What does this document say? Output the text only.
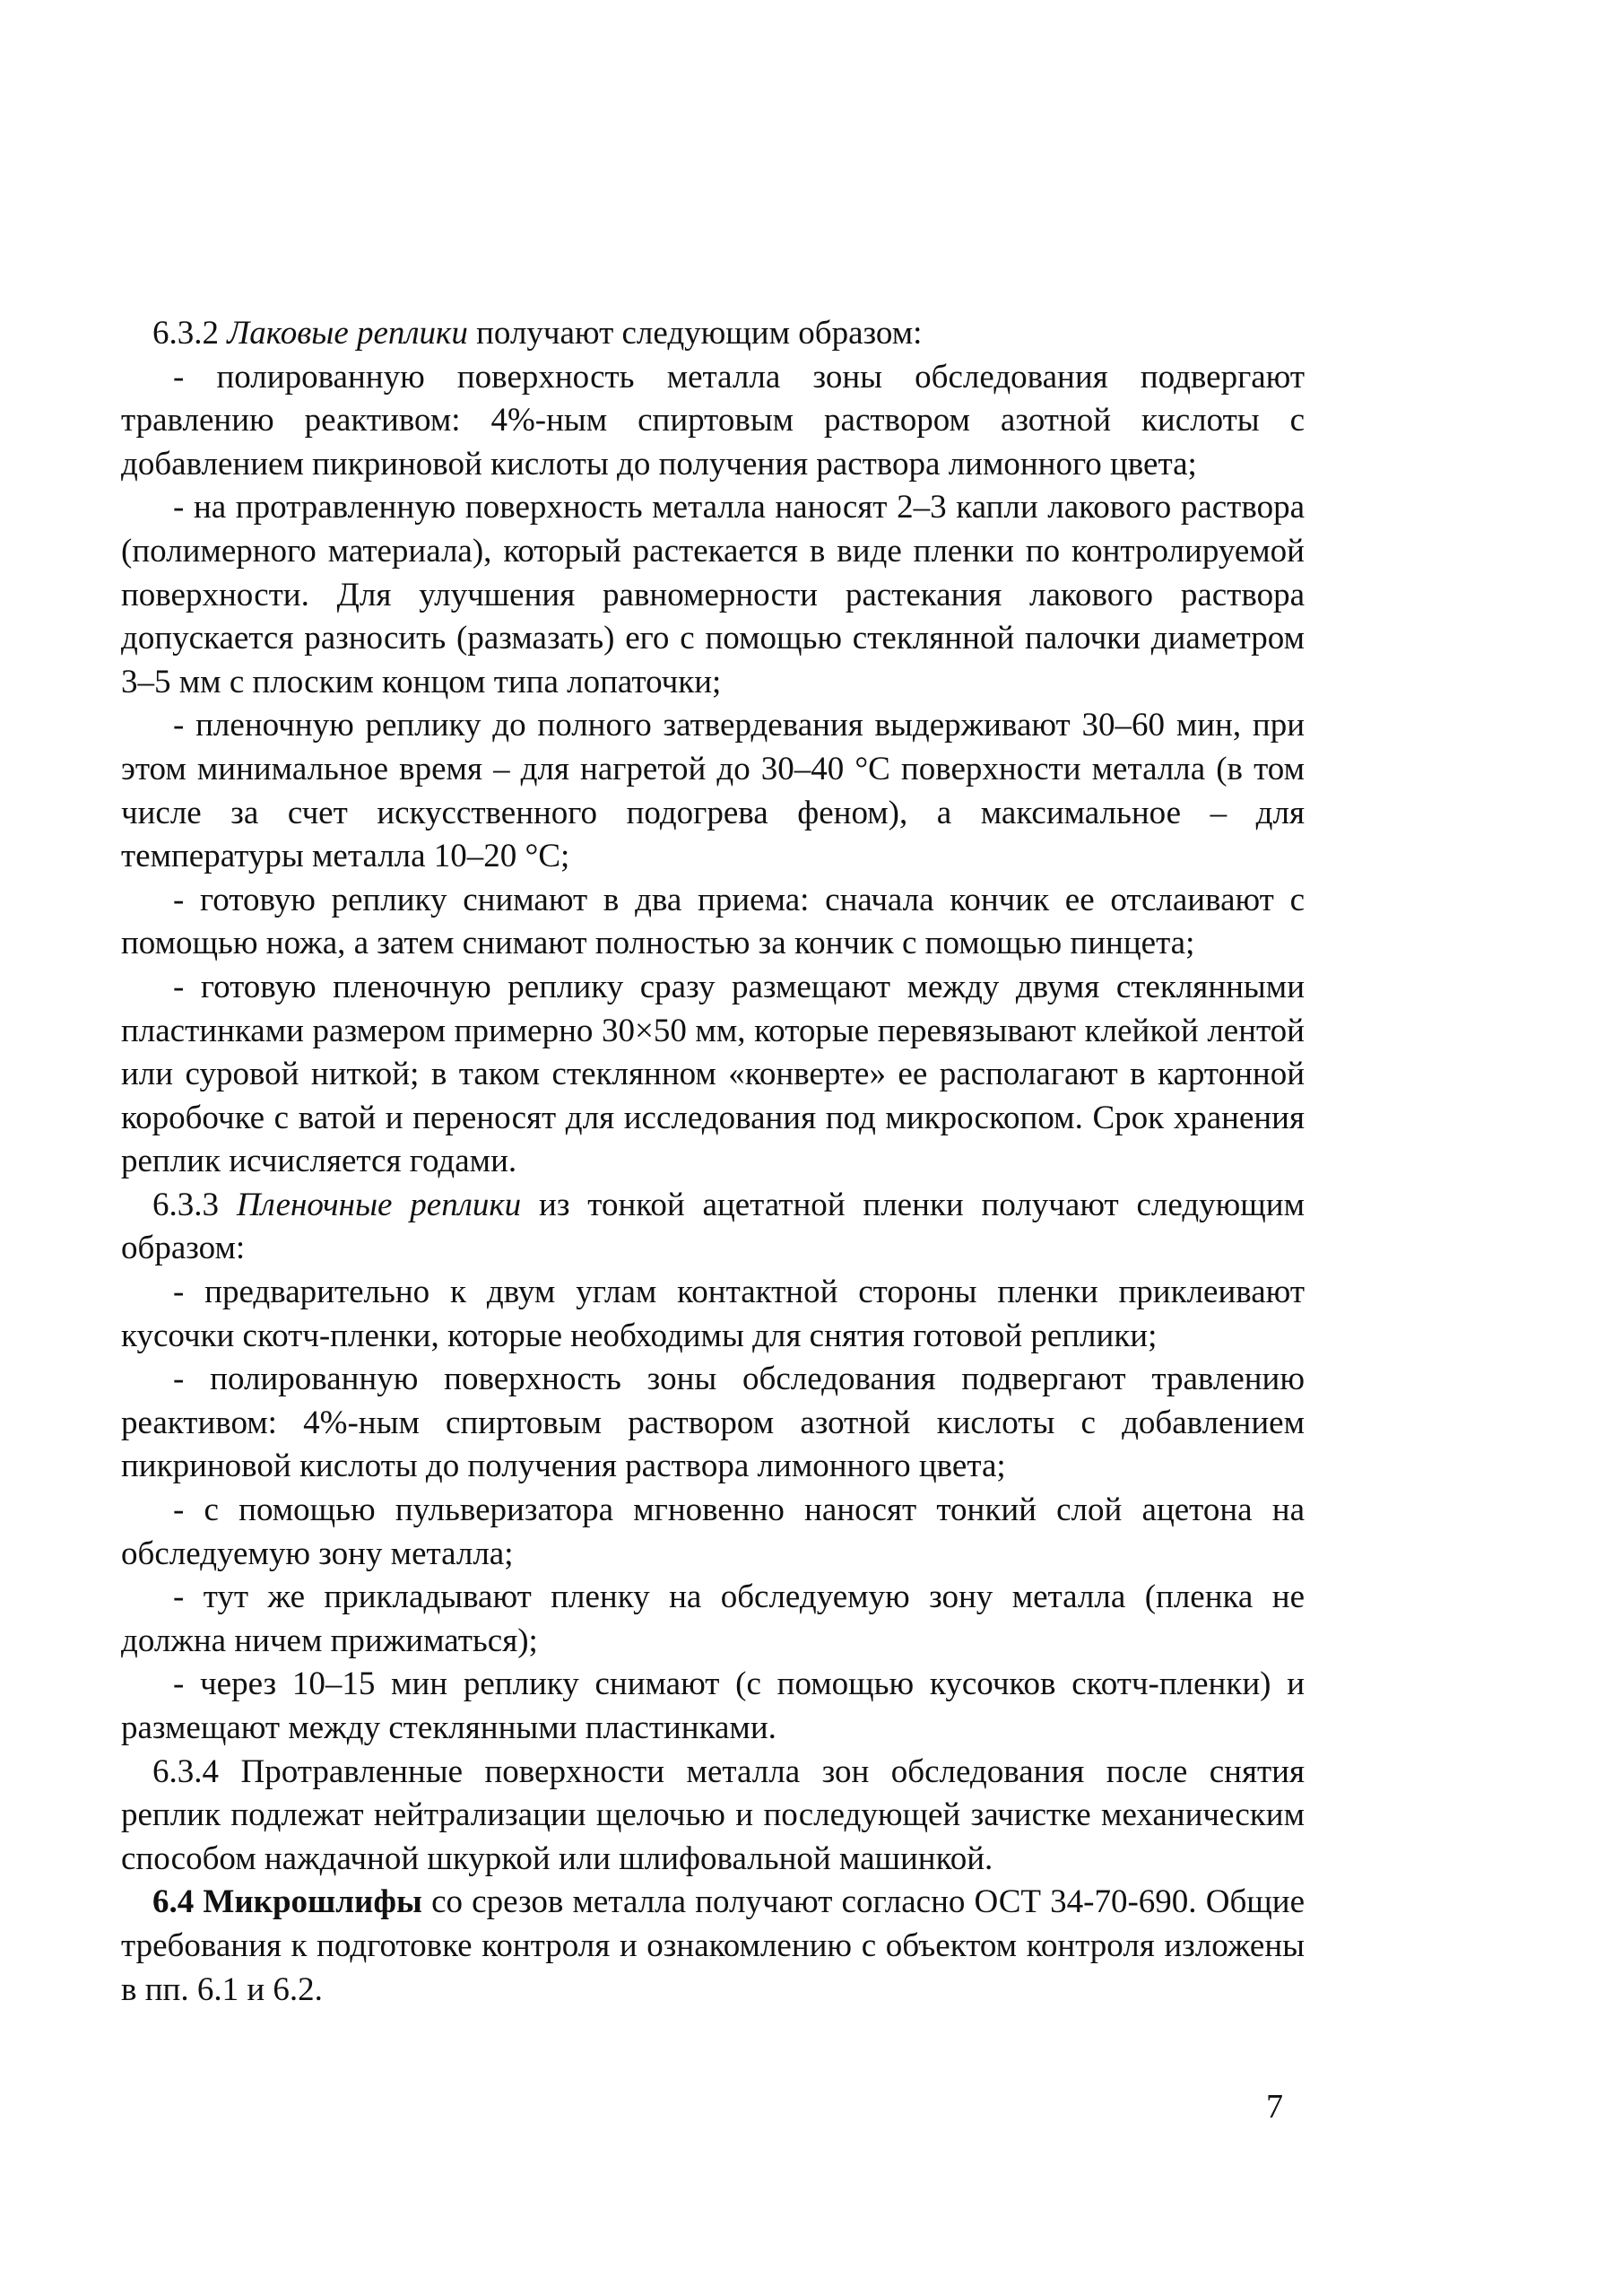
6.3.2 Лаковые реплики получают следующим образом:

- полированную поверхность металла зоны обследования подвергают травлению реактивом: 4%-ным спиртовым раствором азотной кислоты с добавлением пикриновой кислоты до получения раствора лимонного цвета;

- на протравленную поверхность металла наносят 2–3 капли лакового раствора (полимерного материала), который растекается в виде пленки по контролируемой поверхности. Для улучшения равномерности растекания лакового раствора допускается разносить (размазать) его с помощью стеклянной палочки диаметром 3–5 мм с плоским концом типа лопаточки;

- пленочную реплику до полного затвердевания выдерживают 30–60 мин, при этом минимальное время – для нагретой до 30–40 °С поверхности металла (в том числе за счет искусственного подогрева феном), а максимальное – для температуры металла 10–20 °С;

- готовую реплику снимают в два приема: сначала кончик ее отслаивают с помощью ножа, а затем снимают полностью за кончик с помощью пинцета;

- готовую пленочную реплику сразу размещают между двумя стеклянными пластинками размером примерно 30×50 мм, которые перевязывают клейкой лентой или суровой ниткой; в таком стеклянном «конверте» ее располагают в картонной коробочке с ватой и переносят для исследования под микроскопом. Срок хранения реплик исчисляется годами.

6.3.3 Пленочные реплики из тонкой ацетатной пленки получают следующим образом:

- предварительно к двум углам контактной стороны пленки приклеивают кусочки скотч-пленки, которые необходимы для снятия готовой реплики;

- полированную поверхность зоны обследования подвергают травлению реактивом: 4%-ным спиртовым раствором азотной кислоты с добавлением пикриновой кислоты до получения раствора лимонного цвета;

- с помощью пульверизатора мгновенно наносят тонкий слой ацетона на обследуемую зону металла;

- тут же прикладывают пленку на обследуемую зону металла (пленка не должна ничем прижиматься);

- через 10–15 мин реплику снимают (с помощью кусочков скотч-пленки) и размещают между стеклянными пластинками.

6.3.4 Протравленные поверхности металла зон обследования после снятия реплик подлежат нейтрализации щелочью и последующей зачистке механическим способом наждачной шкуркой или шлифовальной машинкой.

6.4 Микрошлифы со срезов металла получают согласно ОСТ 34-70-690. Общие требования к подготовке контроля и ознакомлению с объектом контроля изложены в пп. 6.1 и 6.2.

7
